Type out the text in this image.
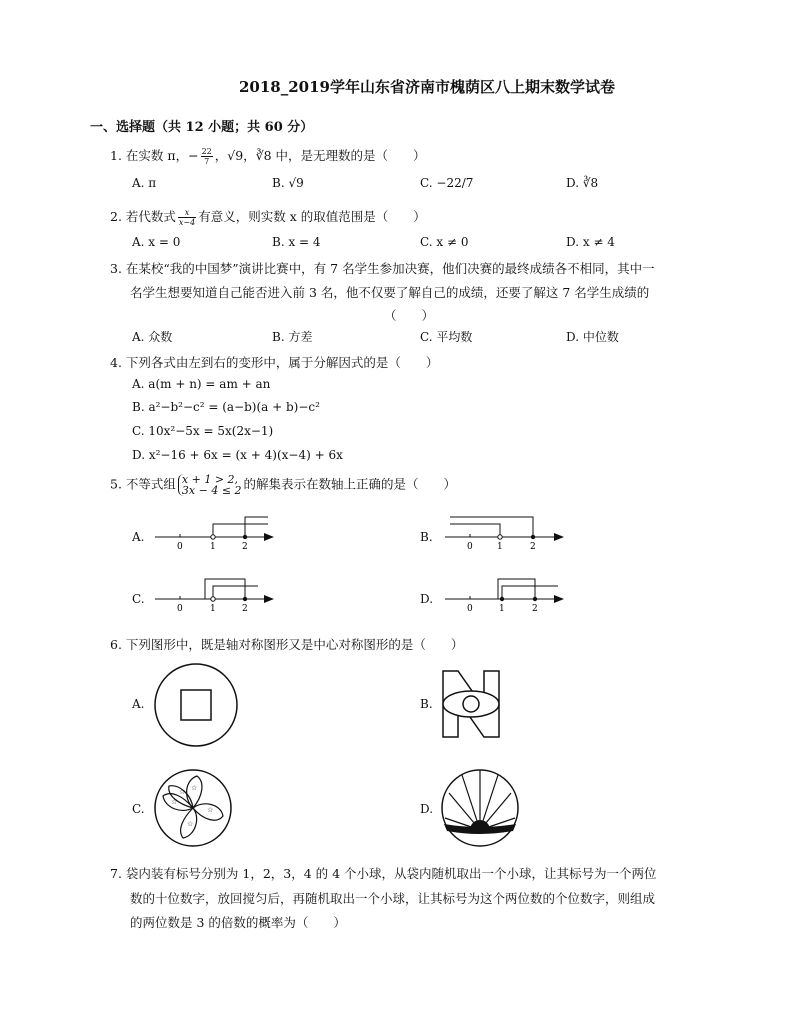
2018_2019学年山东省济南市槐荫区八上期末数学试卷
一、选择题（共 12 小题；共 60 分）
1. 在实数 π，− $\frac{22}{7}$ ，√9，∛8 中，是无理数的是（　　）
A. π	B. √9	C. −22/7	D. ∛8
2. 若代数式 $\frac{x}{x-4}$ 有意义，则实数 x 的取值范围是（　　）
A. x = 0	B. x = 4	C. x ≠ 0	D. x ≠ 4
3. 在某校“我的中国梦”演讲比赛中，有 7 名学生参加决赛，他们决赛的最终成绩各不相同，其中一
名学生想要知道自己能否进入前 3 名，他不仅要了解自己的成绩，还要了解这 7 名学生成绩的
（　　）
A. 众数	B. 方差	C. 平均数	D. 中位数
4. 下列各式由左到右的变形中，属于分解因式的是（　　）
A. a(m + n) = am + an
B. a²−b²−c² = (a−b)(a + b)−c²
C. 10x²−5x = 5x(2x−1)
D. x²−16 + 6x = (x + 4)(x−4) + 6x
5. 不等式组 x + 1 > 2,
3x − 4 ≤ 2 的解集表示在数轴上正确的是（　　）
A.	B.
C.	D.
0	1	2	0	1	2
0	1	2	0	1	2
6. 下列图形中，既是轴对称图形又是中心对称图形的是（　　）
A.	B.
C.	D.
☆
☆
☆
☆
☆
7. 袋内装有标号分别为 1，2，3，4 的 4 个小球，从袋内随机取出一个小球，让其标号为一个两位
数的十位数字，放回搅匀后，再随机取出一个小球，让其标号为这个两位数的个位数字，则组成
的两位数是 3 的倍数的概率为（　　）
